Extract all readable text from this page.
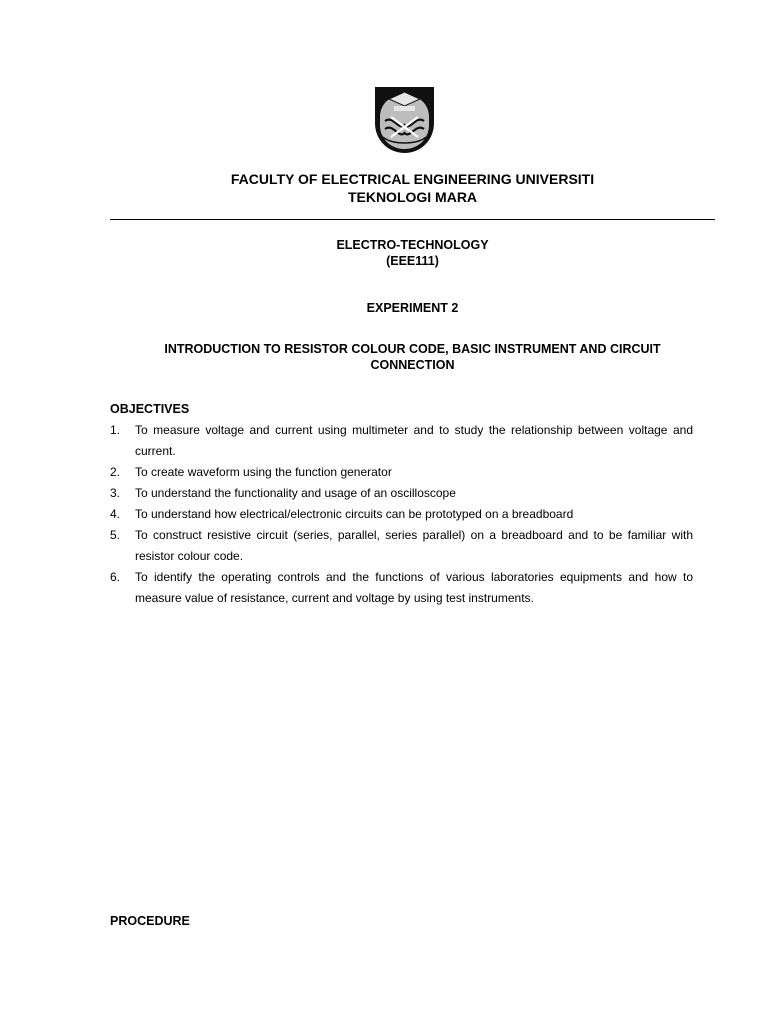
FACULTY OF ELECTRICAL ENGINEERING UNIVERSITI
TEKNOLOGI MARA
ELECTRO-TECHNOLOGY
(EEE111)
EXPERIMENT 2
INTRODUCTION TO RESISTOR COLOUR CODE, BASIC INSTRUMENT AND CIRCUIT
CONNECTION
OBJECTIVES
1. To measure voltage and current using multimeter and to study the relationship between voltage and current.
2. To create waveform using the function generator
3. To understand the functionality and usage of an oscilloscope
4. To understand how electrical/electronic circuits can be prototyped on a breadboard
5. To construct resistive circuit (series, parallel, series parallel) on a breadboard and to be familiar with resistor colour code.
6. To identify the operating controls and the functions of various laboratories equipments and how to measure value of resistance, current and voltage by using test instruments.
PROCEDURE
